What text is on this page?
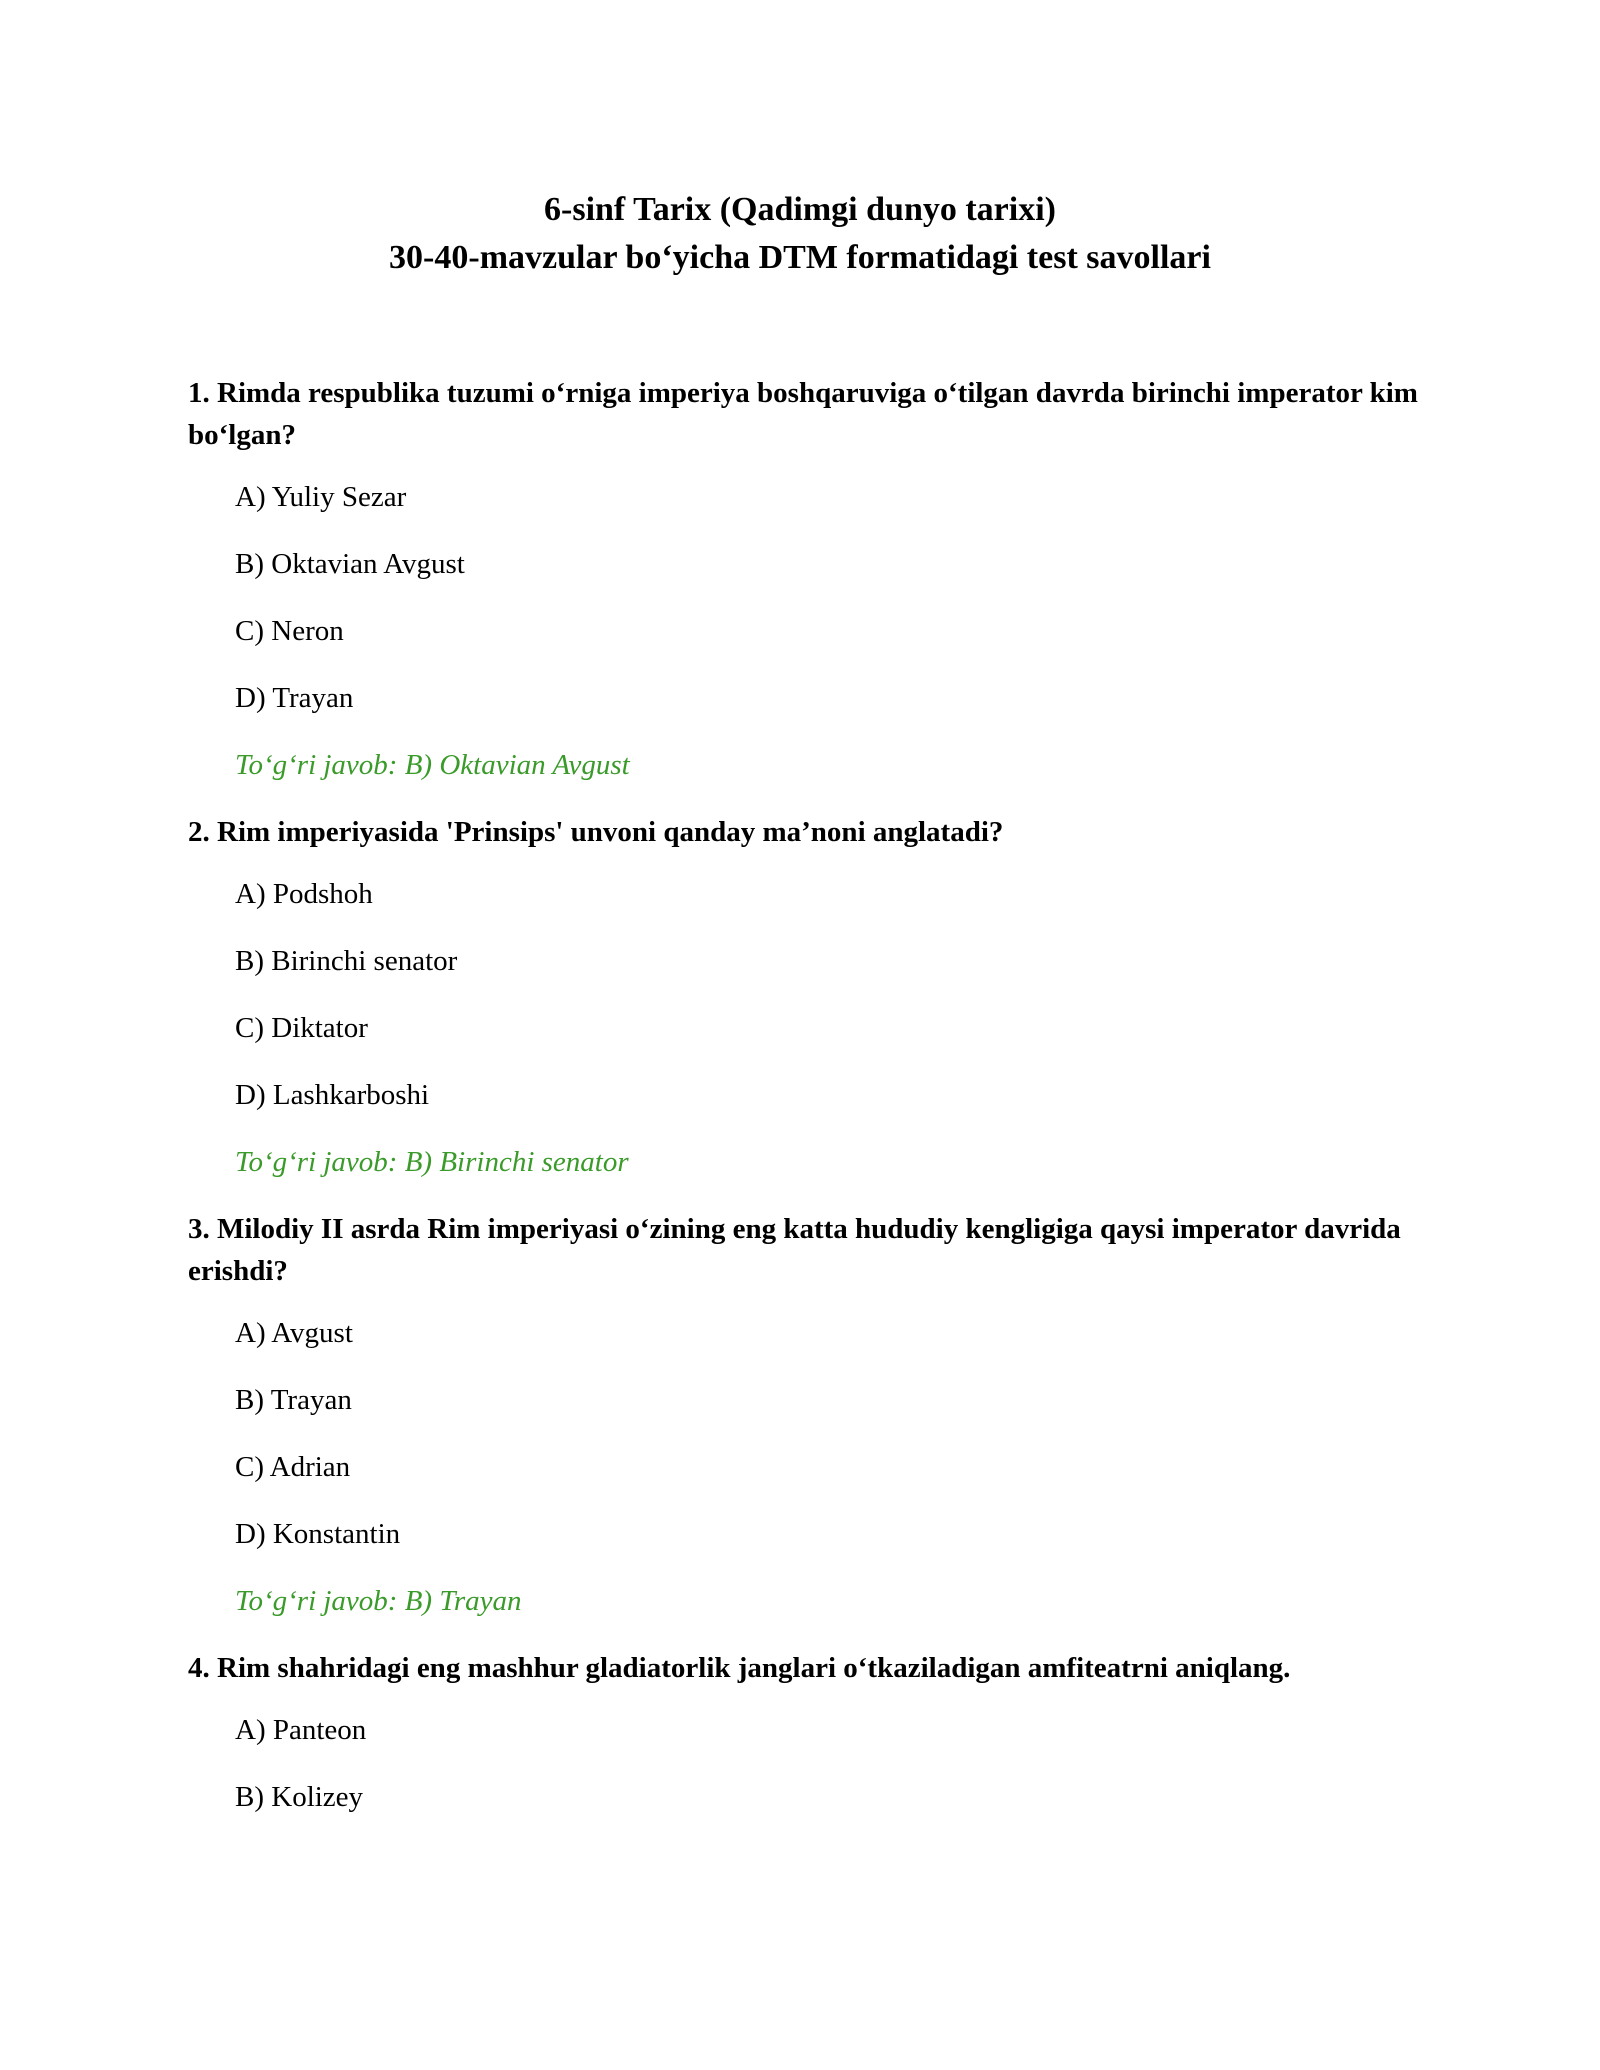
6-sinf Tarix (Qadimgi dunyo tarixi)
30-40-mavzular bo‘yicha DTM formatidagi test savollari

1. Rimda respublika tuzumi o‘rniga imperiya boshqaruviga o‘tilgan davrda birinchi imperator kim bo‘lgan?

A) Yuliy Sezar

B) Oktavian Avgust

C) Neron

D) Trayan

To‘g‘ri javob: B) Oktavian Avgust

2. Rim imperiyasida 'Prinsips' unvoni qanday ma’noni anglatadi?

A) Podshoh

B) Birinchi senator

C) Diktator

D) Lashkarboshi

To‘g‘ri javob: B) Birinchi senator

3. Milodiy II asrda Rim imperiyasi o‘zining eng katta hududiy kengligiga qaysi imperator davrida erishdi?

A) Avgust

B) Trayan

C) Adrian

D) Konstantin

To‘g‘ri javob: B) Trayan

4. Rim shahridagi eng mashhur gladiatorlik janglari o‘tkaziladigan amfiteatrni aniqlang.

A) Panteon

B) Kolizey
